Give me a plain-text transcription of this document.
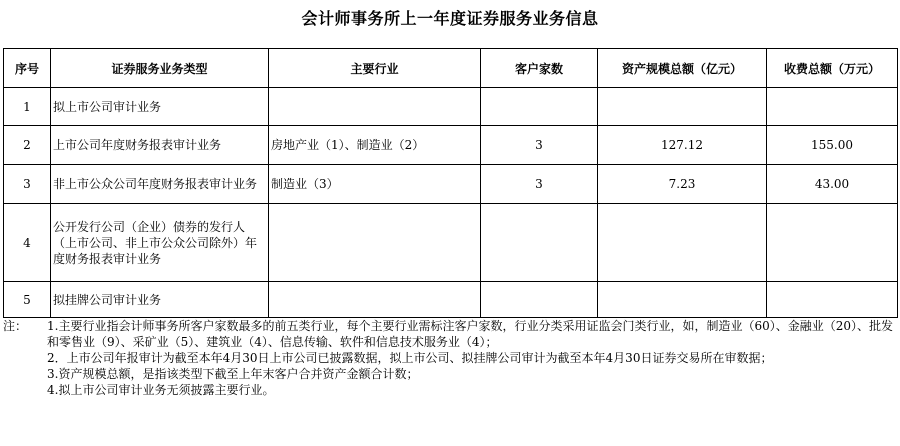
会计师事务所上一年度证券服务业务信息
序号	证券服务业务类型	主要行业	客户家数	资产规模总额（亿元）	收费总额（万元）
1	拟上市公司审计业务				
2	上市公司年度财务报表审计业务	房地产业（1）、制造业（2）	3	127.12	155.00
3	非上市公众公司年度财务报表审计业务	制造业（3）	3	7.23	43.00
4	公开发行公司（企业）债券的发行人（上市公司、非上市公众公司除外）年度财务报表审计业务				
5	拟挂牌公司审计业务				
注：	1.主要行业指会计师事务所客户家数最多的前五类行业，每个主要行业需标注客户家数，行业分类采用证监会门类行业，如，制造业（60）、金融业（20）、批发和零售业（9）、采矿业（5）、建筑业（4）、信息传输、软件和信息技术服务业（4）；
2．上市公司年报审计为截至本年4月30日上市公司已披露数据，拟上市公司、拟挂牌公司审计为截至本年4月30日证券交易所在审数据；
3.资产规模总额，是指该类型下截至上年末客户合并资产金额合计数；
4.拟上市公司审计业务无须披露主要行业。
